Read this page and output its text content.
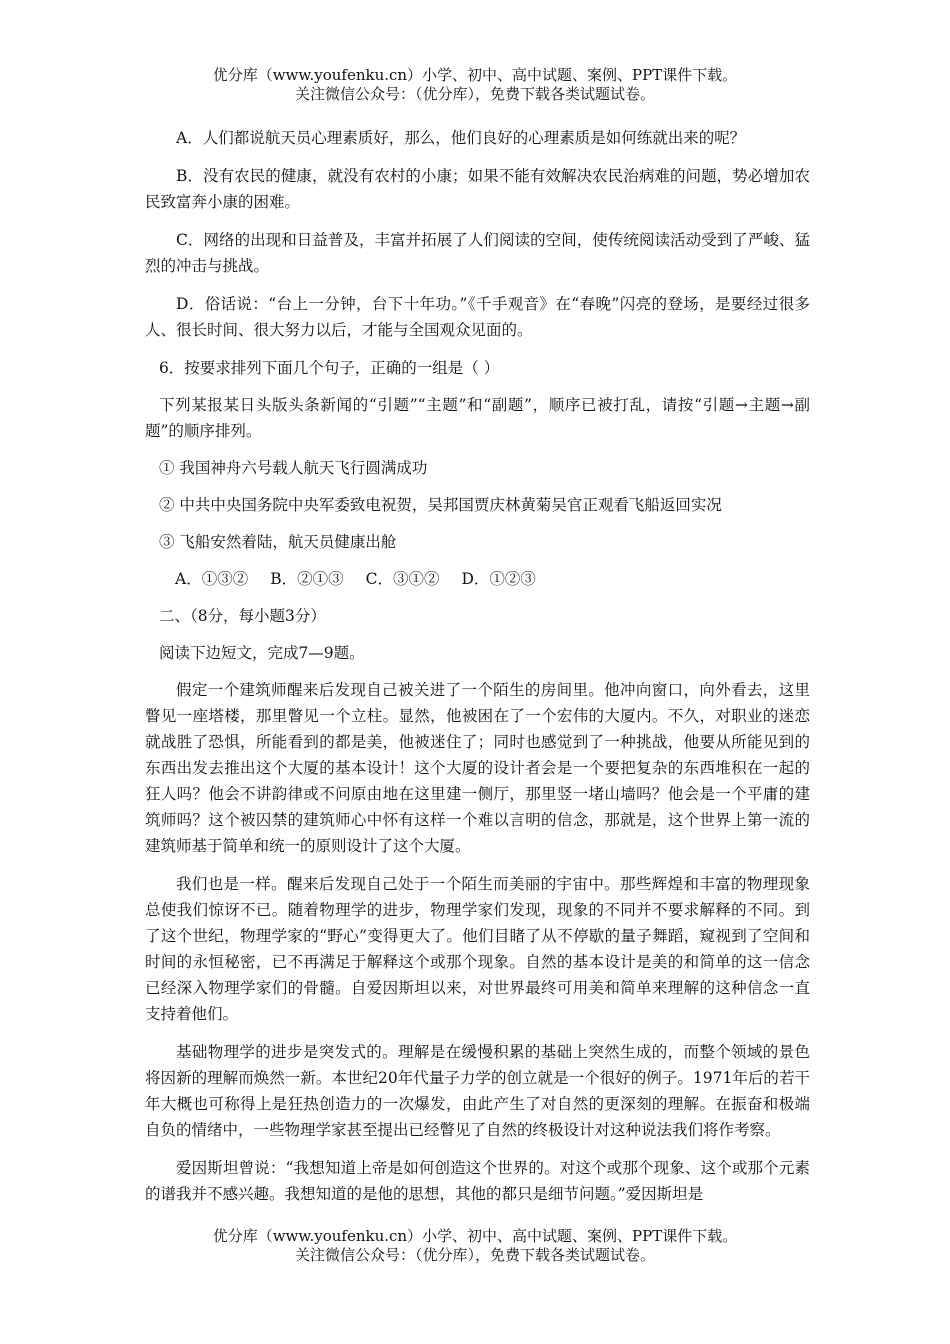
优分库（www.youfenku.cn）小学、初中、高中试题、案例、PPT课件下载。
关注微信公众号：（优分库），免费下载各类试题试卷。

A．人们都说航天员心理素质好，那么，他们良好的心理素质是如何练就出来的呢？

B．没有农民的健康，就没有农村的小康；如果不能有效解决农民治病难的问题，势必增加农民致富奔小康的困难。

C．网络的出现和日益普及，丰富并拓展了人们阅读的空间，使传统阅读活动受到了严峻、猛烈的冲击与挑战。

D．俗话说：“台上一分钟，台下十年功。”《千手观音》在“春晚”闪亮的登场，是要经过很多人、很长时间、很大努力以后，才能与全国观众见面的。

6．按要求排列下面几个句子，正确的一组是（ ）

下列某报某日头版头条新闻的“引题”“主题”和“副题”，顺序已被打乱，请按“引题→主题→副题”的顺序排列。

① 我国神舟六号载人航天飞行圆满成功

② 中共中央国务院中央军委致电祝贺，吴邦国贾庆林黄菊吴官正观看飞船返回实况

③ 飞船安然着陆，航天员健康出舱

A．①③② B．②①③ C．③①② D．①②③

二、（8分，每小题3分）

阅读下边短文，完成7—9题。

假定一个建筑师醒来后发现自己被关进了一个陌生的房间里。他冲向窗口，向外看去，这里瞥见一座塔楼，那里瞥见一个立柱。显然，他被困在了一个宏伟的大厦内。不久，对职业的迷恋就战胜了恐惧，所能看到的都是美，他被迷住了；同时也感觉到了一种挑战，他要从所能见到的东西出发去推出这个大厦的基本设计！这个大厦的设计者会是一个要把复杂的东西堆积在一起的狂人吗？他会不讲韵律或不问原由地在这里建一侧厅，那里竖一堵山墙吗？他会是一个平庸的建筑师吗？这个被囚禁的建筑师心中怀有这样一个难以言明的信念，那就是，这个世界上第一流的建筑师基于简单和统一的原则设计了这个大厦。

我们也是一样。醒来后发现自己处于一个陌生而美丽的宇宙中。那些辉煌和丰富的物理现象总使我们惊讶不已。随着物理学的进步，物理学家们发现，现象的不同并不要求解释的不同。到了这个世纪，物理学家的“野心”变得更大了。他们目睹了从不停歇的量子舞蹈，窥视到了空间和时间的永恒秘密，已不再满足于解释这个或那个现象。自然的基本设计是美的和简单的这一信念已经深入物理学家们的骨髓。自爱因斯坦以来，对世界最终可用美和简单来理解的这种信念一直支持着他们。

基础物理学的进步是突发式的。理解是在缓慢积累的基础上突然生成的，而整个领域的景色将因新的理解而焕然一新。本世纪20年代量子力学的创立就是一个很好的例子。1971年后的若干年大概也可称得上是狂热创造力的一次爆发，由此产生了对自然的更深刻的理解。在振奋和极端自负的情绪中，一些物理学家甚至提出已经瞥见了自然的终极设计对这种说法我们将作考察。

爱因斯坦曾说：“我想知道上帝是如何创造这个世界的。对这个或那个现象、这个或那个元素的谱我并不感兴趣。我想知道的是他的思想，其他的都只是细节问题。”爱因斯坦是

优分库（www.youfenku.cn）小学、初中、高中试题、案例、PPT课件下载。
关注微信公众号：（优分库），免费下载各类试题试卷。
